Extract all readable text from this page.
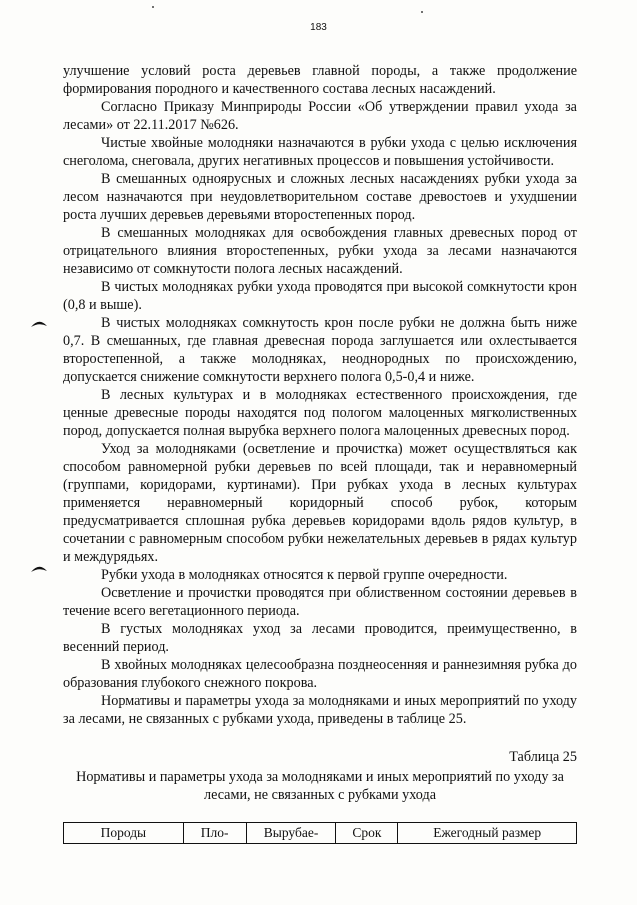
183

улучшение условий роста деревьев главной породы, а также продолжение формирования породного и качественного состава лесных насаждений.

Согласно Приказу Минприроды России «Об утверждении правил ухода за лесами» от 22.11.2017 №626.

Чистые хвойные молодняки назначаются в рубки ухода с целью исключения снеголома, снеговала, других негативных процессов и повышения устойчивости.

В смешанных одноярусных и сложных лесных насаждениях рубки ухода за лесом назначаются при неудовлетворительном составе древостоев и ухудшении роста лучших деревьев деревьями второстепенных пород.

В смешанных молодняках для освобождения главных древесных пород от отрицательного влияния второстепенных, рубки ухода за лесами назначаются независимо от сомкнутости полога лесных насаждений.

В чистых молодняках рубки ухода проводятся при высокой сомкнутости крон (0,8 и выше).

В чистых молодняках сомкнутость крон после рубки не должна быть ниже 0,7. В смешанных, где главная древесная порода заглушается или охлестывается второстепенной, а также молодняках, неоднородных по происхождению, допускается снижение сомкнутости верхнего полога 0,5-0,4 и ниже.

В лесных культурах и в молодняках естественного происхождения, где ценные древесные породы находятся под пологом малоценных мягколиственных пород, допускается полная вырубка верхнего полога малоценных древесных пород.

Уход за молодняками (осветление и прочистка) может осуществляться как способом равномерной рубки деревьев по всей площади, так и неравномерный (группами, коридорами, куртинами). При рубках ухода в лесных культурах применяется неравномерный коридорный способ рубок, которым предусматривается сплошная рубка деревьев коридорами вдоль рядов культур, в сочетании с равномерным способом рубки нежелательных деревьев в рядах культур и междурядьях.

Рубки ухода в молодняках относятся к первой группе очередности.

Осветление и прочистки проводятся при облиственном состоянии деревьев в течение всего вегетационного периода.

В густых молодняках уход за лесами проводится, преимущественно, в весенний период.

В хвойных молодняках целесообразна позднеосенняя и раннезимняя рубка до образования глубокого снежного покрова.

Нормативы и параметры ухода за молодняками и иных мероприятий по уходу за лесами, не связанных с рубками ухода, приведены в таблице 25.

Таблица 25
Нормативы и параметры ухода за молодняками и иных мероприятий по уходу за лесами, не связанных с рубками ухода
Породы	Пло-	Вырубае-	Срок	Ежегодный размер
